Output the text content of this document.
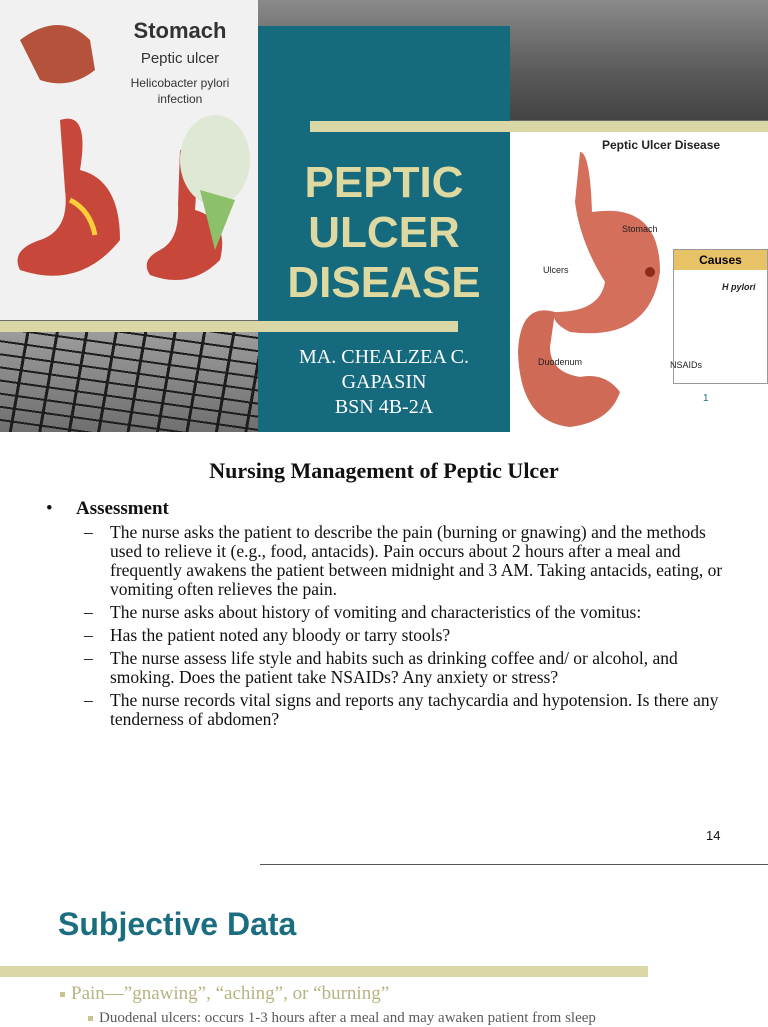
Stomach
Peptic ulcer
Helicobacter pylori infection
PEPTIC
ULCER
DISEASE
MA. CHEALZEA C.
GAPASIN
BSN 4B-2A
Peptic Ulcer Disease
Stomach
Ulcers
Duodenum
Causes
H pylori
NSAIDs
1
Nursing Management of Peptic Ulcer
• Assessment
– The nurse asks the patient to describe the pain (burning or gnawing) and the methods used to relieve it (e.g., food, antacids). Pain occurs about 2 hours after a meal and frequently awakens the patient between midnight and 3 AM. Taking antacids, eating, or vomiting often relieves the pain.
– The nurse asks about history of vomiting and characteristics of the vomitus:
– Has the patient noted any bloody or tarry stools?
– The nurse assess life style and habits such as drinking coffee and/ or alcohol, and smoking. Does the patient take NSAIDs? Any anxiety or stress?
– The nurse records vital signs and reports any tachycardia and hypotension. Is there any tenderness of abdomen?
14
Subjective Data
Pain—”gnawing”, “aching”, or “burning”
Duodenal ulcers: occurs 1-3 hours after a meal and may awaken patient from sleep
